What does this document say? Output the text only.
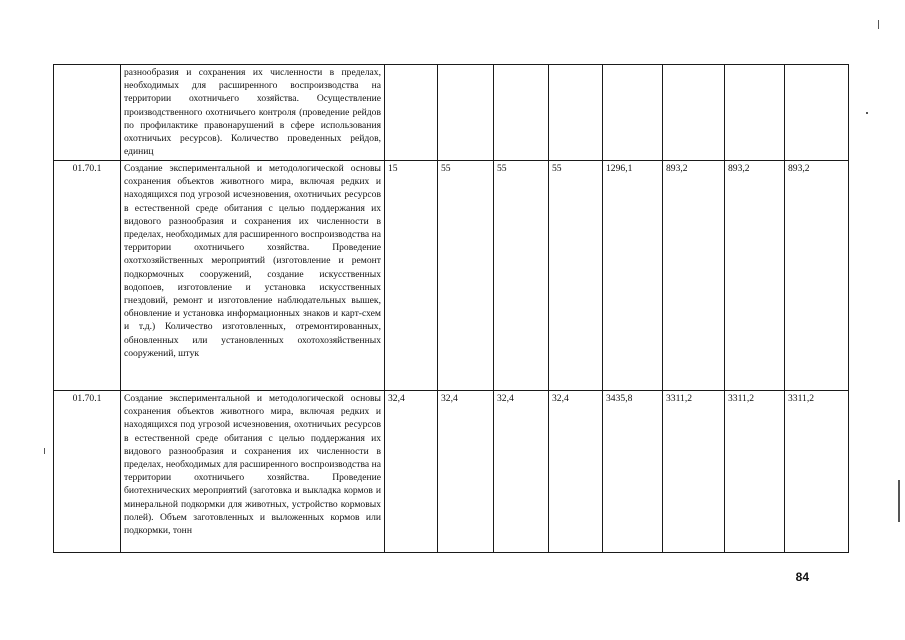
	разнообразия и сохранения их численности в пределах, необходимых для расширенного воспроизводства на территории охотничьего хозяйства. Осуществление производственного охотничьего контроля (проведение рейдов по профилактике правонарушений в сфере использования охотничьих ресурсов). Количество проведенных рейдов, единиц								
01.70.1	Создание экспериментальной и методологической основы сохранения объектов животного мира, включая редких и находящихся под угрозой исчезновения, охотничьих ресурсов в естественной среде обитания с целью поддержания их видового разнообразия и сохранения их численности в пределах, необходимых для расширенного воспроизводства на территории охотничьего хозяйства. Проведение охотхозяйственных мероприятий (изготовление и ремонт подкормочных сооружений, создание искусственных водопоев, изготовление и установка искусственных гнездовий, ремонт и изготовление наблюдательных вышек, обновление и установка информационных знаков и карт-схем и т.д.) Количество изготовленных, отремонтированных, обновленных или установленных охотохозяйственных сооружений, штук	15	55	55	55	1296,1	893,2	893,2	893,2
01.70.1	Создание экспериментальной и методологической основы сохранения объектов животного мира, включая редких и находящихся под угрозой исчезновения, охотничьих ресурсов в естественной среде обитания с целью поддержания их видового разнообразия и сохранения их численности в пределах, необходимых для расширенного воспроизводства на территории охотничьего хозяйства. Проведение биотехнических мероприятий (заготовка и выкладка кормов и минеральной подкормки для животных, устройство кормовых полей). Объем заготовленных и выложенных кормов или подкормки, тонн	32,4	32,4	32,4	32,4	3435,8	3311,2	3311,2	3311,2
84
